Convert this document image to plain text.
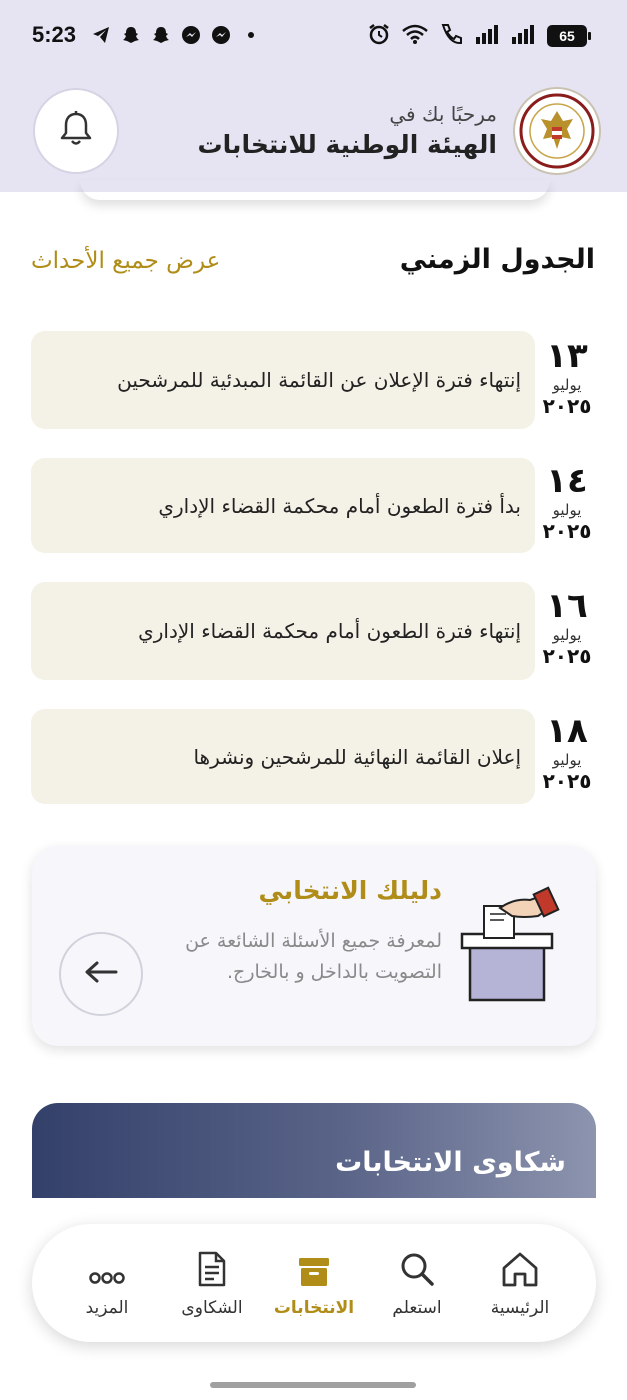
5:23	65
مرحبًا بك في
الهيئة الوطنية للانتخابات
الجدول الزمني
عرض جميع الأحداث
١٣
يوليو
٢٠٢٥
إنتهاء فترة الإعلان عن القائمة المبدئية للمرشحين
١٤
يوليو
٢٠٢٥
بدأ فترة الطعون أمام محكمة القضاء الإداري
١٦
يوليو
٢٠٢٥
إنتهاء فترة الطعون أمام محكمة القضاء الإداري
١٨
يوليو
٢٠٢٥
إعلان القائمة النهائية للمرشحين ونشرها
دليلك الانتخابي
لمعرفة جميع الأسئلة الشائعة عن التصويت بالداخل و بالخارج.
شكاوى الانتخابات
المزيد	الشكاوى	الانتخابات	استعلم	الرئيسية
